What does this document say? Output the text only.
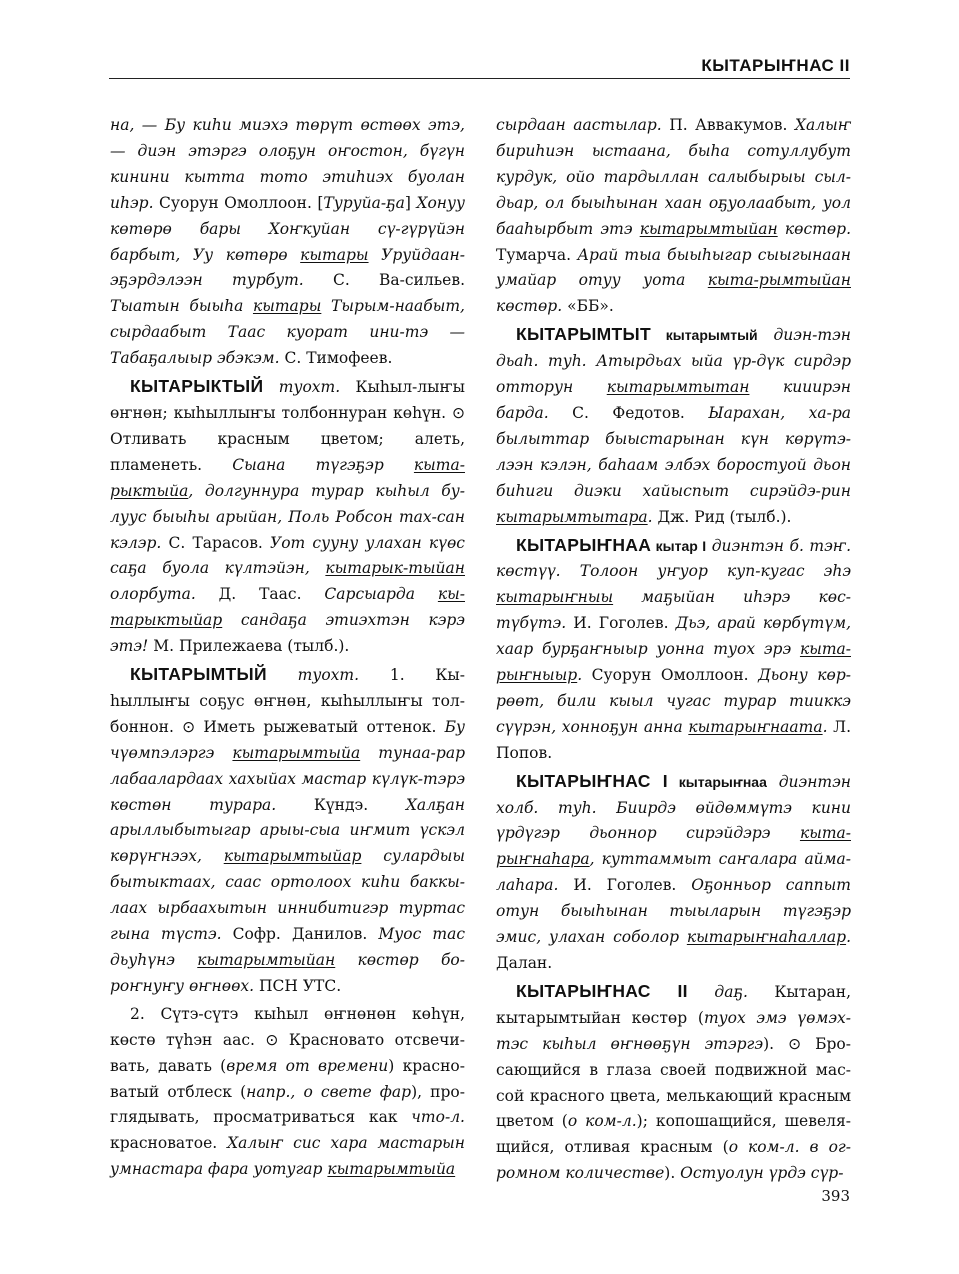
КЫТАРЫҤНАС II

на, — Бу киһи миэхэ төрүт өстөөх этэ, — диэн этэргэ олоҕун оҥостон, бүгүн кинини кытта тото этиһиэх буолан иһэр. Суорун Омоллоон. [Туруйа-ҕа] Хонуу көтөрө бары Хоҥкуйан сү-гүрүйэн барбыт, Уу көтөрө кытары Уруйдаан-эҕэрдэлээн турбут. С. Ва-сильев. Тыатын быыһа кытары Тырым-наабыт, сырдаабыт Таас куорат ини-тэ — Табаҕалыыр эбэкэм. С. Тимофеев.

КЫТАРЫКТЫЙ туохт. Кыһыл-лыҥы өҥнөн; кыһыллыҥы толбоннуран көһүн. ⊙ Отливать красным цветом; алеть, пламенеть. Сыана түгэҕэр кыта-рыктыйа, долгуннура турар кыһыл бу-луус быыһы арыйан, Поль Робсон тах-сан кэлэр. С. Тарасов. Уот сууну улахан күөс саҕа буола күлтэйэн, кытарык-тыйан олорбута. Д. Таас. Сарсыарда кы-тарыктыйар сандаҕа этиэхтэн кэрэ этэ! М. Прилежаева (тылб.).

КЫТАРЫМТЫЙ туохт. 1. Кы-һыллыҥы соҕус өҥнөн, кыһыллыҥы тол-боннон. ⊙ Иметь рыжеватый оттенок. Бу чүөмпэлэргэ кытарымтыйа тунаа-рар лабаалардаах хахыйах мастар күлүк-тэрэ көстөн турара. Күндэ. Халҕан арыллыбытыгар арыы-сыа иҥмит үскэл көрүҥнээх, кытарымтыйар сулардыы бытыктаах, саас ортолоох киһи баккы-лаах ырбаахытын иннибитигэр туртас гына түстэ. Софр. Данилов. Муос тас дьуһүнэ кытарымтыйан көстөр бо-роҥнуҥу өҥнөөх. ПСН УТС.

2. Сүтэ-сүтэ кыһыл өҥнөнөн көһүн, көстө түһэн аас. ⊙ Красновато отсвечи-вать, давать (время от времени) красно-ватый отблеск (напр., о свете фар), про-глядывать, просматриваться как что-л. красноватое. Халыҥ сис хара мастарын умнастара фара уотугар кытарымтыйа

сырдаан аастылар. П. Аввакумов. Халыҥ бириһиэн ыстаана, быһа сотуллубут курдук, ойо тардыллан салыбырыы сыл-дьар, ол быыһынан хаан оҕуолаабыт, уол бааһырбыт этэ кытарымтыйан көстөр. Тумарча. Арай тыа быыһыгар сыыгынаан умайар отуу уота кыта-рымтыйан көстөр. «ББ».

КЫТАРЫМТЫТ кытарымтый диэн-тэн дьаһ. туһ. Атырдьах ыйа үр-дүк сирдэр отторун кытарымтытан кииирэн барда. С. Федотов. Ыарахан, ха-ра былыттар быыстарынан күн көрүтэ-лээн кэлэн, баһаам элбэх боростуой дьон биһиги диэки хайыспыт сирэйдэ-рин кытарымтытара. Дж. Рид (тылб.).

КЫТАРЫҤНАА кытар I диэнтэн б. тэҥ. көстүү. Толоон уҥуор куп-кугас эһэ кытарыҥныы маҕыйан иһэрэ көс-түбүтэ. И. Гоголев. Дьэ, арай көрбүтүм, хаар бурҕаҥныыр уонна туох эрэ кыта-рыҥныыр. Суорун Омоллоон. Дьону көр-рөөт, били кыыл чугас турар тииккэ сүүрэн, хонноҕун анна кытарыҥнаата. Л. Попов.

КЫТАРЫҤНАС I кытарыҥнаа диэнтэн холб. туһ. Биирдэ өйдөммүтэ кини үрдүгэр дьоннор сирэйдэрэ кыта-рыҥнаһара, куттаммыт саҥалара айма-лаһара. И. Гоголев. Оҕонньор саппыт отун быыһынан тыыларын түгэҕэр эмис, улахан соболор кытарыҥнаһаллар. Далан.

КЫТАРЫҤНАС II даҕ. Кытаран, кытарымтыйан көстөр (туох эмэ үөмэх-тэс кыһыл өҥнөөҕүн этэргэ). ⊙ Бро-сающийся в глаза своей подвижной мас-сой красного цвета, мелькающий красным цветом (о ком-л.); копошащийся, шевеля-щийся, отливая красным (о ком-л. в ог-ромном количестве). Остуолун үрдэ сүр-

393
